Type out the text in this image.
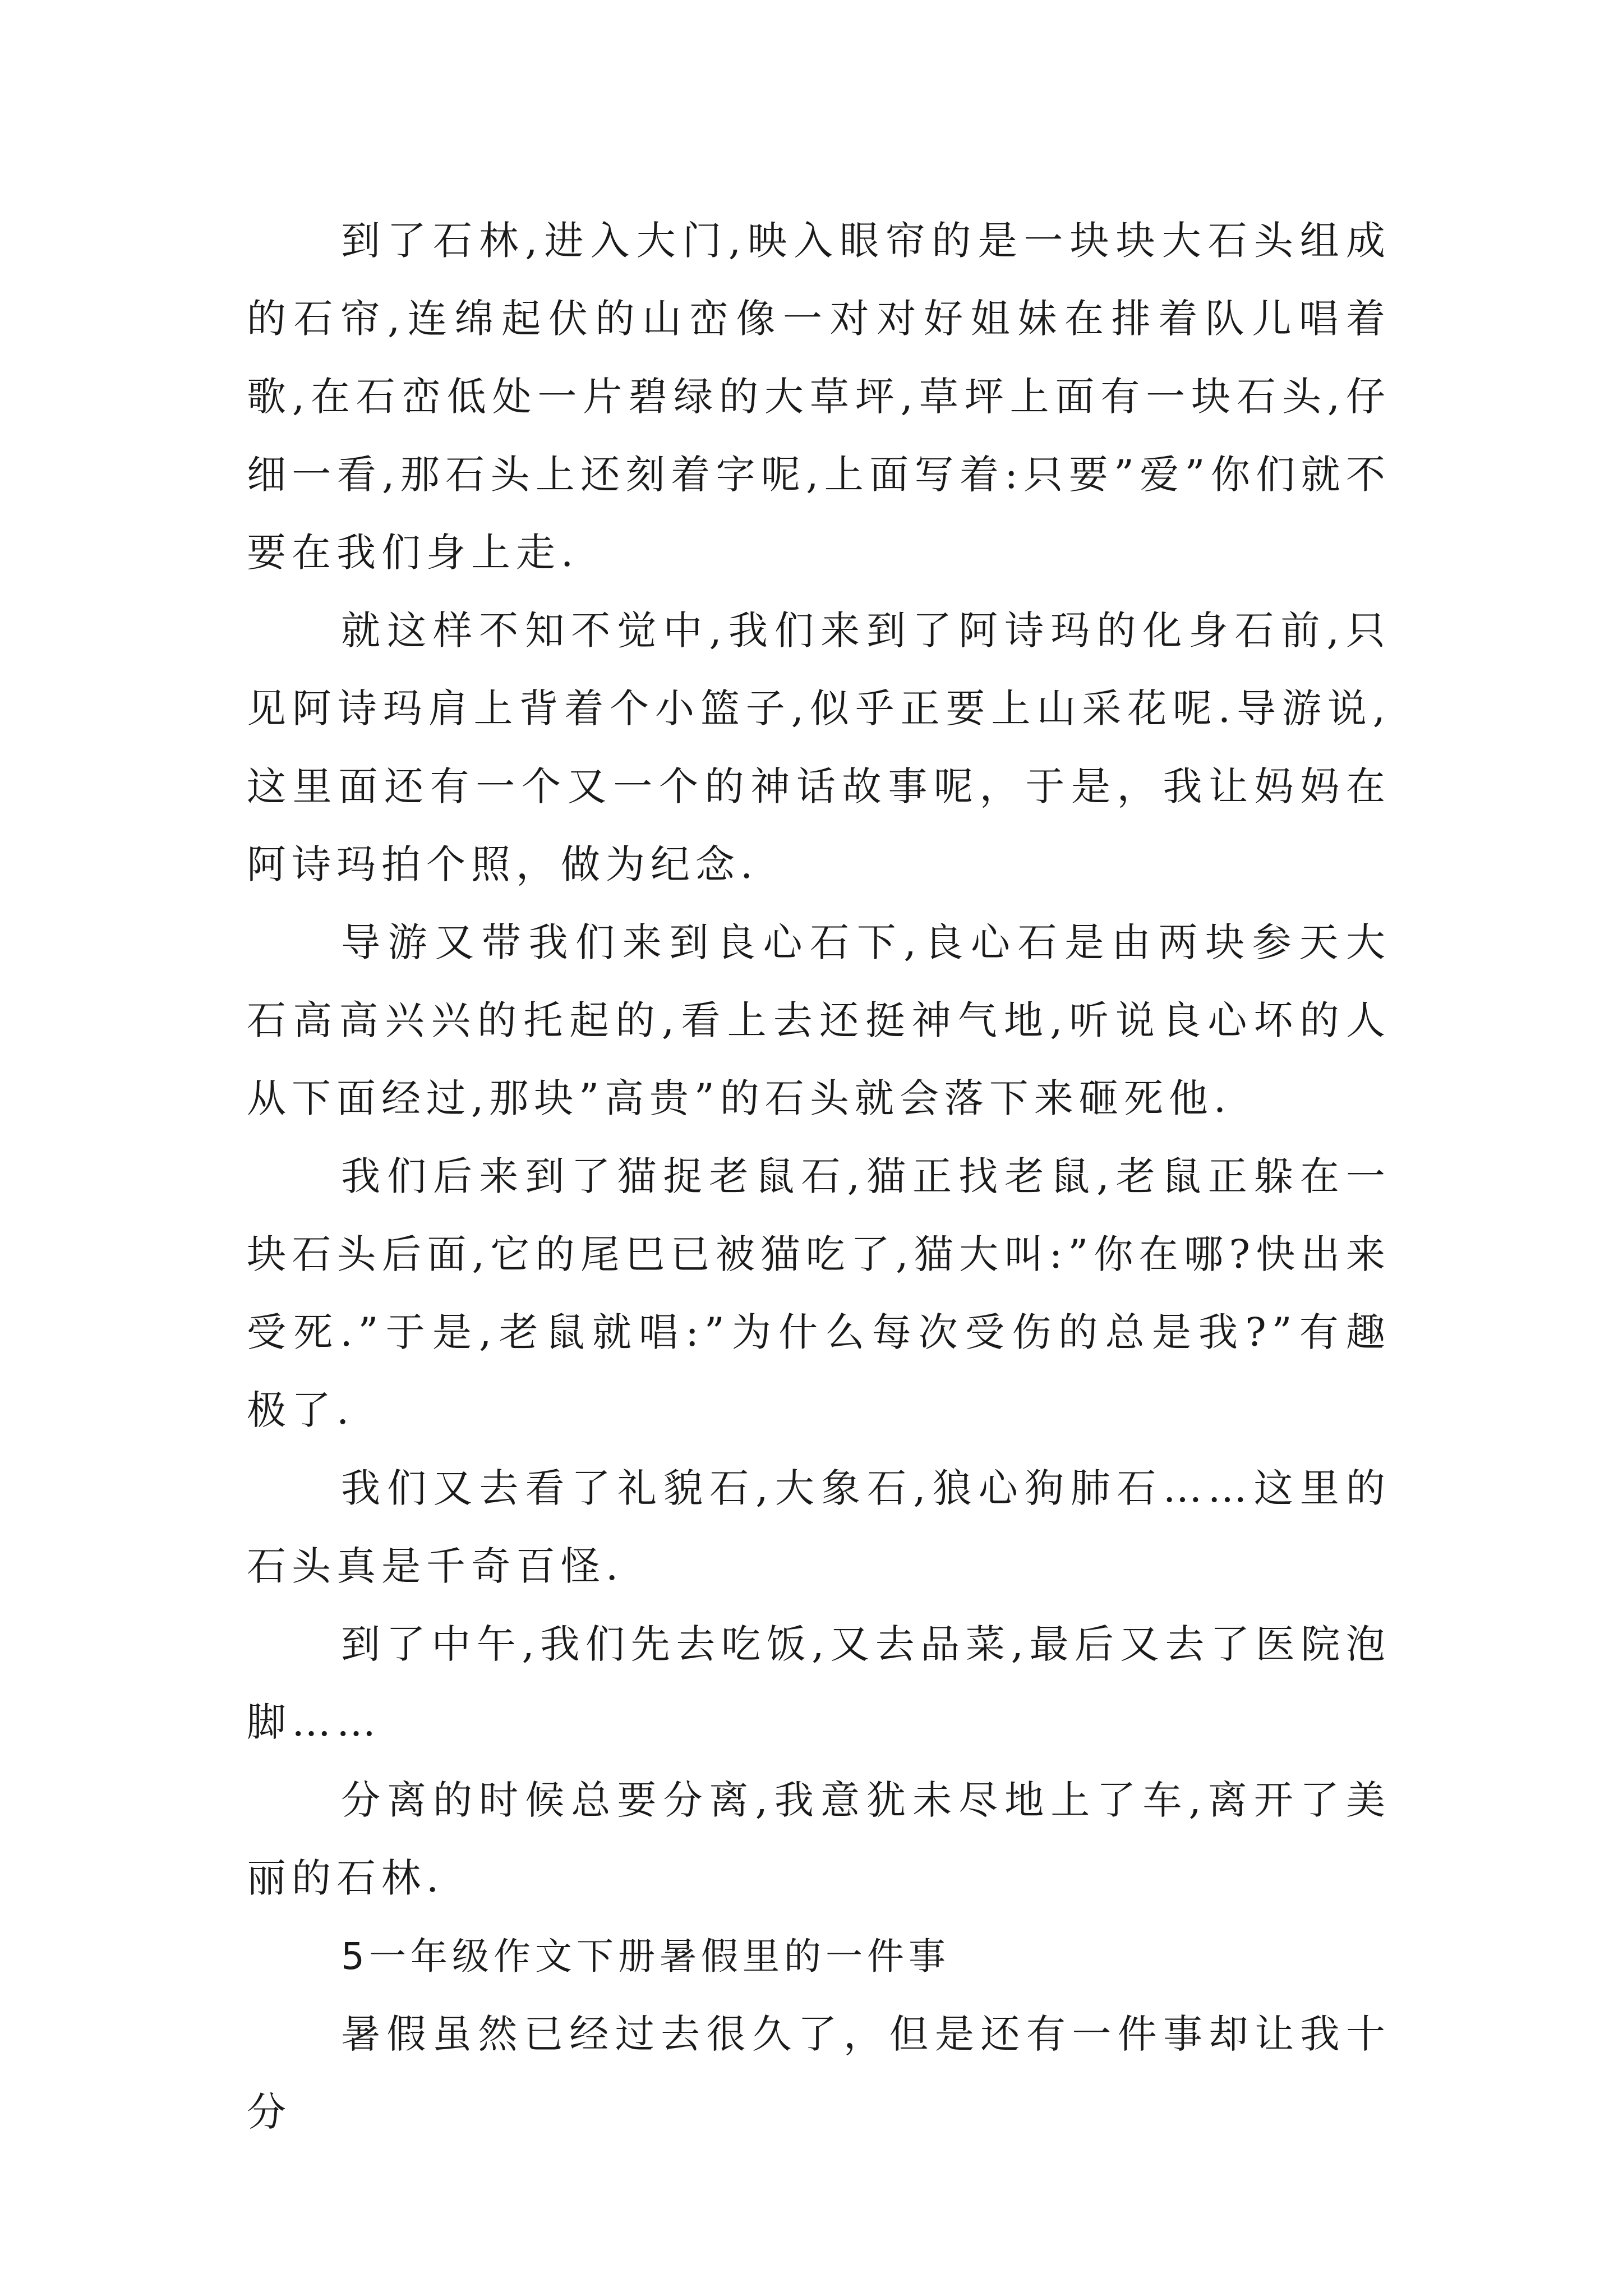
到了石林,进入大门,映入眼帘的是一块块大石头组成的石帘,连绵起伏的山峦像一对对好姐妹在排着队儿唱着歌,在石峦低处一片碧绿的大草坪,草坪上面有一块石头,仔细一看,那石头上还刻着字呢,上面写着:只要”爱”你们就不要在我们身上走.

就这样不知不觉中,我们来到了阿诗玛的化身石前,只见阿诗玛肩上背着个小篮子,似乎正要上山采花呢.导游说,这里面还有一个又一个的神话故事呢，于是，我让妈妈在阿诗玛拍个照，做为纪念.

导游又带我们来到良心石下,良心石是由两块参天大石高高兴兴的托起的,看上去还挺神气地,听说良心坏的人从下面经过,那块”高贵”的石头就会落下来砸死他.

我们后来到了猫捉老鼠石,猫正找老鼠,老鼠正躲在一块石头后面,它的尾巴已被猫吃了,猫大叫:”你在哪?快出来受死.”于是,老鼠就唱:”为什么每次受伤的总是我?”有趣极了.

我们又去看了礼貌石,大象石,狼心狗肺石……这里的石头真是千奇百怪.

到了中午,我们先去吃饭,又去品菜,最后又去了医院泡脚……

分离的时候总要分离,我意犹未尽地上了车,离开了美丽的石林.

5一年级作文下册暑假里的一件事

暑假虽然已经过去很久了，但是还有一件事却让我十分
